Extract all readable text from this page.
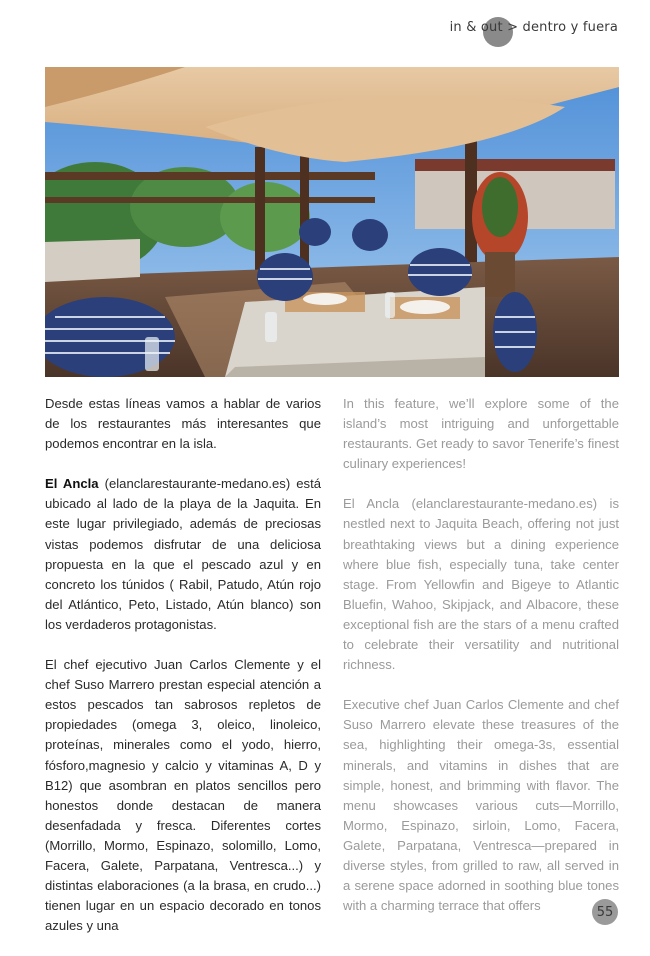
in & out > dentro y fuera

Desde estas líneas vamos a hablar de varios de los restaurantes más interesantes que podemos encontrar en la isla.

El Ancla (elanclarestaurante-medano.es) está ubicado al lado de la playa de la Jaquita. En este lugar privilegiado, además de preciosas vistas podemos disfrutar de una deliciosa propuesta en la que el pescado azul y en concreto los túnidos ( Rabil, Patudo, Atún rojo del Atlántico, Peto, Listado, Atún blanco) son los verdaderos protagonistas.

El chef ejecutivo Juan Carlos Clemente y el chef Suso Marrero prestan especial atención a estos pescados tan sabrosos repletos de propiedades (omega 3, oleico, linoleico, proteínas, minerales como el yodo, hierro, fósforo,magnesio y calcio y vitaminas A, D y B12) que asombran en platos sencillos pero honestos donde destacan de manera desenfadada y fresca. Diferentes cortes (Morrillo, Mormo, Espinazo, solomillo, Lomo, Facera, Galete, Parpatana, Ventresca...) y distintas elaboraciones (a la brasa, en crudo...) tienen lugar en un espacio decorado en tonos azules y una

In this feature, we’ll explore some of the island’s most intriguing and unforgettable restaurants. Get ready to savor Tenerife’s finest culinary experiences!

El Ancla (elanclarestaurante-medano.es) is nestled next to Jaquita Beach, offering not just breathtaking views but a dining experience where blue fish, especially tuna, take center stage. From Yellowfin and Bigeye to Atlantic Bluefin, Wahoo, Skipjack, and Albacore, these exceptional fish are the stars of a menu crafted to celebrate their versatility and nutritional richness.

Executive chef Juan Carlos Clemente and chef Suso Marrero elevate these treasures of the sea, highlighting their omega-3s, essential minerals, and vitamins in dishes that are simple, honest, and brimming with flavor. The menu showcases various cuts—Morrillo, Mormo, Espinazo, sirloin, Lomo, Facera, Galete, Parpatana, Ventresca—prepared in diverse styles, from grilled to raw, all served in a serene space adorned in soothing blue tones with a charming terrace that offers	55
